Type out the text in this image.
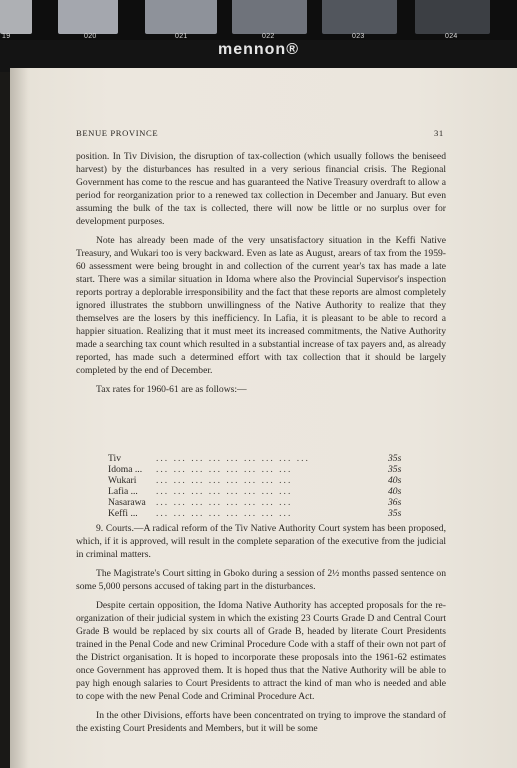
19	020	021	022	023	024
mennon®
BENUE PROVINCE	31

position. In Tiv Division, the disruption of tax-collection (which usually follows the beniseed harvest) by the disturbances has resulted in a very serious financial crisis. The Regional Government has come to the rescue and has guaranteed the Native Treasury overdraft to allow a period for reorganization prior to a renewed tax collection in December and January. But even assuming the bulk of the tax is collected, there will now be little or no surplus over for development purposes.

Note has already been made of the very unsatisfactory situation in the Keffi Native Treasury, and Wukari too is very backward. Even as late as August, arears of tax from the 1959-60 assessment were being brought in and collection of the current year's tax has made a late start. There was a similar situation in Idoma where also the Provincial Supervisor's inspection reports portray a deplorable irresponsibility and the fact that these reports are almost completely ignored illustrates the stubborn unwillingness of the Native Authority to realize that they themselves are the losers by this inefficiency. In Lafia, it is pleasant to be able to record a happier situation. Realizing that it must meet its increased commitments, the Native Authority made a searching tax count which resulted in a substantial increase of tax payers and, as already reported, has made such a determined effort with tax collection that it should be largely completed by the end of December.

Tax rates for 1960-61 are as follows:—

Tiv	... ... ... ... ... ... ... ... ...	35s
Idoma ... ... ... ... ... ... ... ... ...	35s
Wukari ... ... ... ... ... ... ... ...	40s
Lafia ... ... ... ... ... ... ... ... ...	40s
Nasarawa ... ... ... ... ... ... ... ...	36s
Keffi ... ... ... ... ... ... ... ... ...	35s

9. Courts.—A radical reform of the Tiv Native Authority Court system has been proposed, which, if it is approved, will result in the complete separation of the executive from the judicial in criminal matters.

The Magistrate's Court sitting in Gboko during a session of 2½ months passed sentence on some 5,000 persons accused of taking part in the disturbances.

Despite certain opposition, the Idoma Native Authority has accepted proposals for the re-organization of their judicial system in which the existing 23 Courts Grade D and Central Court Grade B would be replaced by six courts all of Grade B, headed by literate Court Presidents trained in the Penal Code and new Criminal Procedure Code with a staff of their own not part of the District organisation. It is hoped to incorporate these proposals into the 1961-62 estimates once Government has approved them. It is hoped thus that the Native Authority will be able to pay high enough salaries to Court Presidents to attract the kind of man who is needed and able to cope with the new Penal Code and Criminal Procedure Act.

In the other Divisions, efforts have been concentrated on trying to improve the standard of the existing Court Presidents and Members, but it will be some
